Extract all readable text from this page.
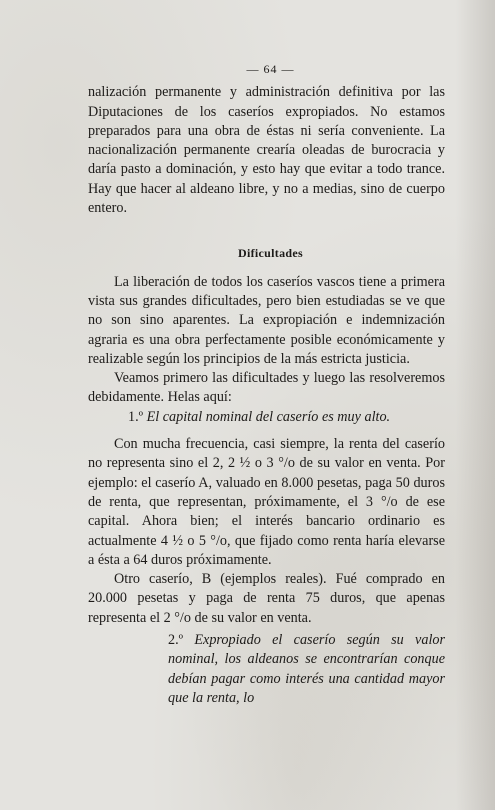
— 64 —

nalización permanente y administración definitiva por las Diputaciones de los caseríos expropiados. No estamos preparados para una obra de éstas ni sería conveniente. La nacionalización permanente crearía oleadas de burocracia y daría pasto a dominación, y esto hay que evitar a todo trance. Hay que hacer al aldeano libre, y no a medias, sino de cuerpo entero.

Dificultades

La liberación de todos los caseríos vascos tiene a primera vista sus grandes dificultades, pero bien estudiadas se ve que no son sino aparentes. La expropiación e indemnización agraria es una obra perfectamente posible económicamente y realizable según los principios de la más estricta justicia.

Veamos primero las dificultades y luego las resolveremos debidamente. Helas aquí:

1.º El capital nominal del caserío es muy alto.

Con mucha frecuencia, casi siempre, la renta del caserío no representa sino el 2, 2 ½ o 3 °/o de su valor en venta. Por ejemplo: el caserío A, valuado en 8.000 pesetas, paga 50 duros de renta, que representan, próximamente, el 3 °/o de ese capital. Ahora bien; el interés bancario ordinario es actualmente 4 ½ o 5 °/o, que fijado como renta haría elevarse a ésta a 64 duros próximamente.

Otro caserío, B (ejemplos reales). Fué comprado en 20.000 pesetas y paga de renta 75 duros, que apenas representa el 2 °/o de su valor en venta.

2.º Expropiado el caserío según su valor nominal, los aldeanos se encontrarían conque debían pagar como interés una cantidad mayor que la renta, lo
